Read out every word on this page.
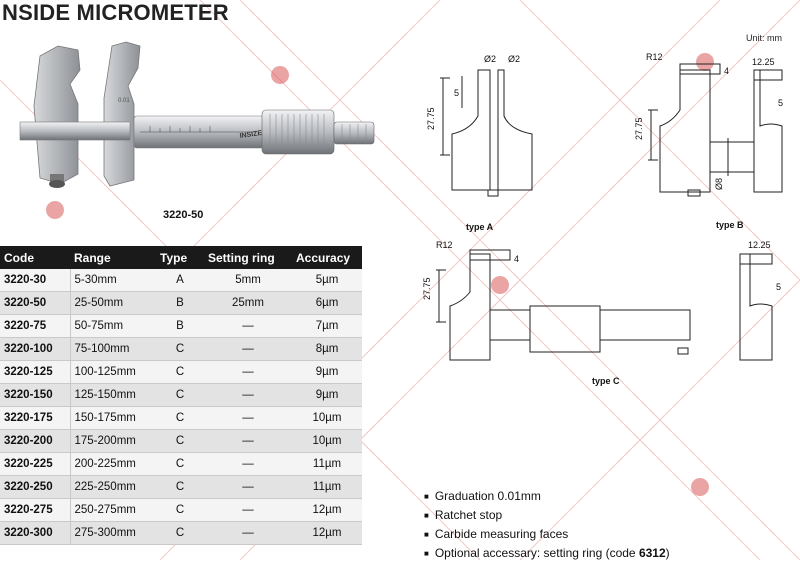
NSIDE MICROMETER
Unit: mm
0.01
INSIZE
3220-50
Ø2 Ø2
5
27.75
type A
R12
4
12.25
5
27.75
Ø8
type B
R12
4
12.25
5
27.75
type C
Code	Range	Type	Setting ring	Accuracy
3220-30	5-30mm	A	5mm	5µm
3220-50	25-50mm	B	25mm	6µm
3220-75	50-75mm	B	—	7µm
3220-100	75-100mm	C	—	8µm
3220-125	100-125mm	C	—	9µm
3220-150	125-150mm	C	—	9µm
3220-175	150-175mm	C	—	10µm
3220-200	175-200mm	C	—	10µm
3220-225	200-225mm	C	—	11µm
3220-250	225-250mm	C	—	11µm
3220-275	250-275mm	C	—	12µm
3220-300	275-300mm	C	—	12µm
■ Graduation 0.01mm
■ Ratchet stop
■ Carbide measuring faces
■ Optional accessary: setting ring (code 6312)
